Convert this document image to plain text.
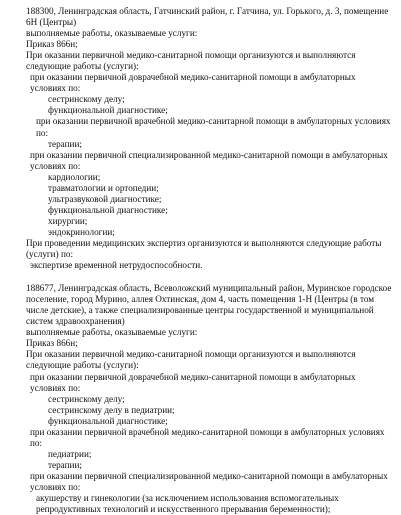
188300, Ленинградская область, Гатчинский район, г. Гатчина, ул. Горького, д. 3, помещение 6Н (Центры)

выполняемые работы, оказываемые услуги:

Приказ 866н;

При оказании первичной медико-санитарной помощи организуются и выполняются следующие работы (услуги):

при оказании первичной доврачебной медико-санитарной помощи в амбулаторных условиях по:

сестринскому делу;

функциональной диагностике;

при оказании первичной врачебной медико-санитарной помощи в амбулаторных условиях по:

терапии;

при оказании первичной специализированной медико-санитарной помощи в амбулаторных условиях по:

кардиологии;

травматологии и ортопедии;

ультразвуковой диагностике;

функциональной диагностике;

хирургии;

эндокринологии;

При проведении медицинских экспертиз организуются и выполняются следующие работы (услуги) по:

экспертизе временной нетрудоспособности.

188677, Ленинградская область, Всеволожский муниципальный район, Муринское городское поселение, город Мурино, аллея Охтинская, дом 4, часть помещения 1-Н (Центры (в том числе детские), а также специализированные центры государственной и муниципальной систем здравоохранения)

выполняемые работы, оказываемые услуги:

Приказ 866н;

При оказании первичной медико-санитарной помощи организуются и выполняются следующие работы (услуги):

при оказании первичной доврачебной медико-санитарной помощи в амбулаторных условиях по:

сестринскому делу;

сестринскому делу в педиатрии;

функциональной диагностике;

при оказании первичной врачебной медико-санитарной помощи в амбулаторных условиях по:

педиатрии;

терапии;

при оказании первичной специализированной медико-санитарной помощи в амбулаторных условиях по:

акушерству и гинекологии (за исключением использования вспомогательных репродуктивных технологий и искусственного прерывания беременности);
